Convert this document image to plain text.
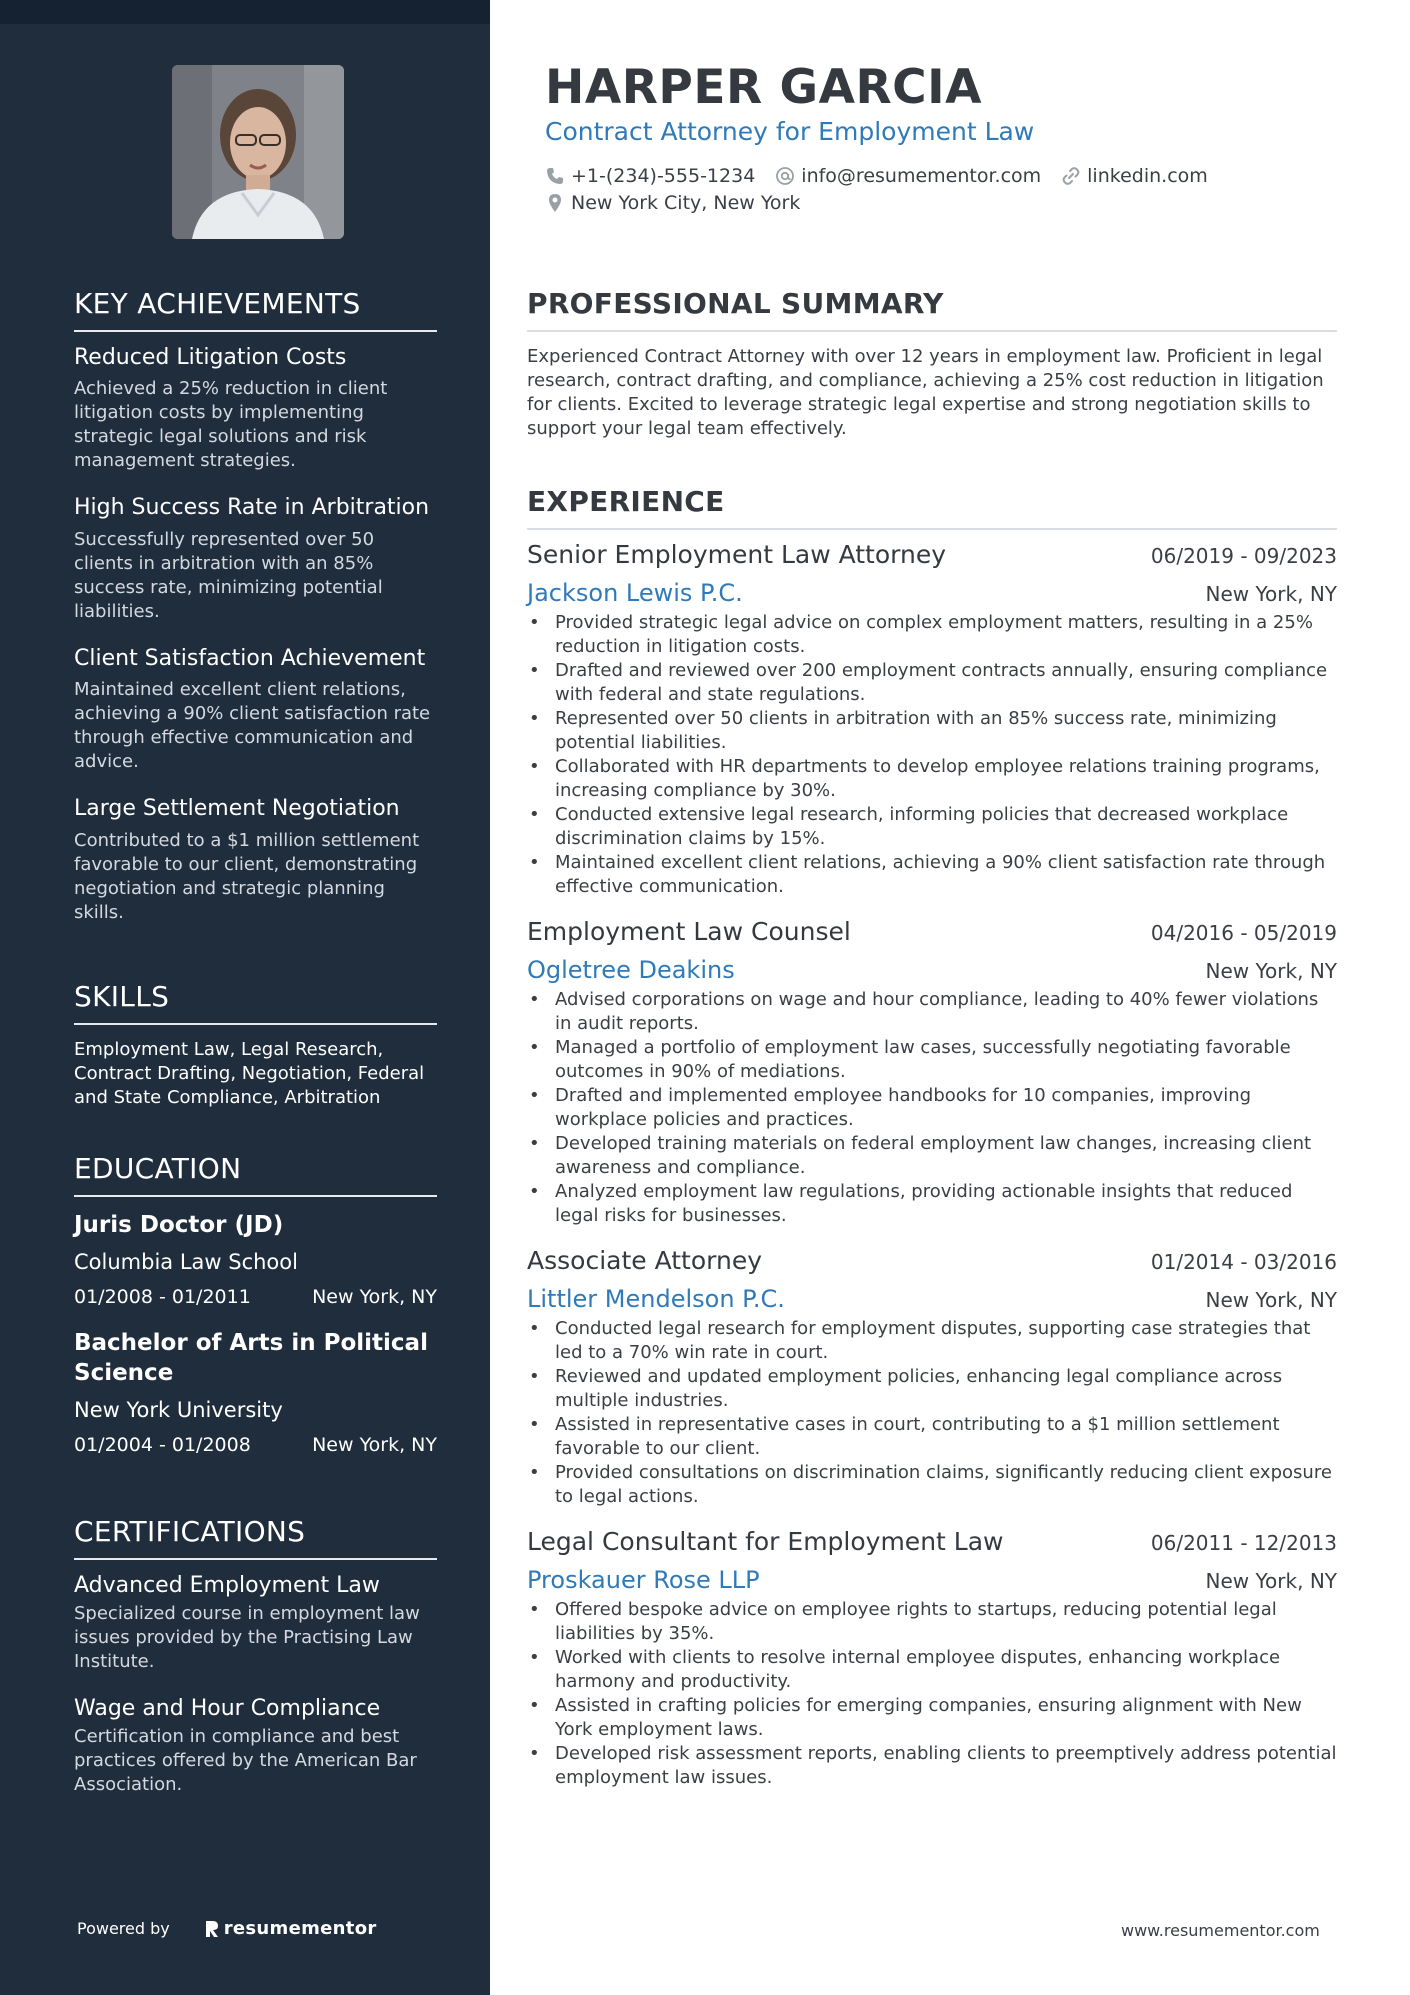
KEY ACHIEVEMENTS
Reduced Litigation Costs
Achieved a 25% reduction in client litigation costs by implementing strategic legal solutions and risk management strategies.
High Success Rate in Arbitration
Successfully represented over 50 clients in arbitration with an 85% success rate, minimizing potential liabilities.
Client Satisfaction Achievement
Maintained excellent client relations, achieving a 90% client satisfaction rate through effective communication and advice.
Large Settlement Negotiation
Contributed to a $1 million settlement favorable to our client, demonstrating negotiation and strategic planning skills.
SKILLS
Employment Law, Legal Research, Contract Drafting, Negotiation, Federal and State Compliance, Arbitration
EDUCATION
Juris Doctor (JD)
Columbia Law School
01/2008 - 01/2011	New York, NY
Bachelor of Arts in Political Science
New York University
01/2004 - 01/2008	New York, NY
CERTIFICATIONS
Advanced Employment Law
Specialized course in employment law issues provided by the Practising Law Institute.
Wage and Hour Compliance
Certification in compliance and best practices offered by the American Bar Association.
Powered by	resumementor
HARPER GARCIA
Contract Attorney for Employment Law
+1-(234)-555-1234 info@resumementor.com linkedin.com
New York City, New York
PROFESSIONAL SUMMARY

Experienced Contract Attorney with over 12 years in employment law. Proficient in legal research, contract drafting, and compliance, achieving a 25% cost reduction in litigation for clients. Excited to leverage strategic legal expertise and strong negotiation skills to support your legal team effectively.

EXPERIENCE
Senior Employment Law Attorney	06/2019 - 09/2023
Jackson Lewis P.C.	New York, NY
• Provided strategic legal advice on complex employment matters, resulting in a 25% reduction in litigation costs.
• Drafted and reviewed over 200 employment contracts annually, ensuring compliance with federal and state regulations.
• Represented over 50 clients in arbitration with an 85% success rate, minimizing potential liabilities.
• Collaborated with HR departments to develop employee relations training programs, increasing compliance by 30%.
• Conducted extensive legal research, informing policies that decreased workplace discrimination claims by 15%.
• Maintained excellent client relations, achieving a 90% client satisfaction rate through effective communication.
Employment Law Counsel	04/2016 - 05/2019
Ogletree Deakins	New York, NY
• Advised corporations on wage and hour compliance, leading to 40% fewer violations in audit reports.
• Managed a portfolio of employment law cases, successfully negotiating favorable outcomes in 90% of mediations.
• Drafted and implemented employee handbooks for 10 companies, improving workplace policies and practices.
• Developed training materials on federal employment law changes, increasing client awareness and compliance.
• Analyzed employment law regulations, providing actionable insights that reduced legal risks for businesses.
Associate Attorney	01/2014 - 03/2016
Littler Mendelson P.C.	New York, NY
• Conducted legal research for employment disputes, supporting case strategies that led to a 70% win rate in court.
• Reviewed and updated employment policies, enhancing legal compliance across multiple industries.
• Assisted in representative cases in court, contributing to a $1 million settlement favorable to our client.
• Provided consultations on discrimination claims, significantly reducing client exposure to legal actions.
Legal Consultant for Employment Law	06/2011 - 12/2013
Proskauer Rose LLP	New York, NY
• Offered bespoke advice on employee rights to startups, reducing potential legal liabilities by 35%.
• Worked with clients to resolve internal employee disputes, enhancing workplace harmony and productivity.
• Assisted in crafting policies for emerging companies, ensuring alignment with New York employment laws.
• Developed risk assessment reports, enabling clients to preemptively address potential employment law issues.
www.resumementor.com
